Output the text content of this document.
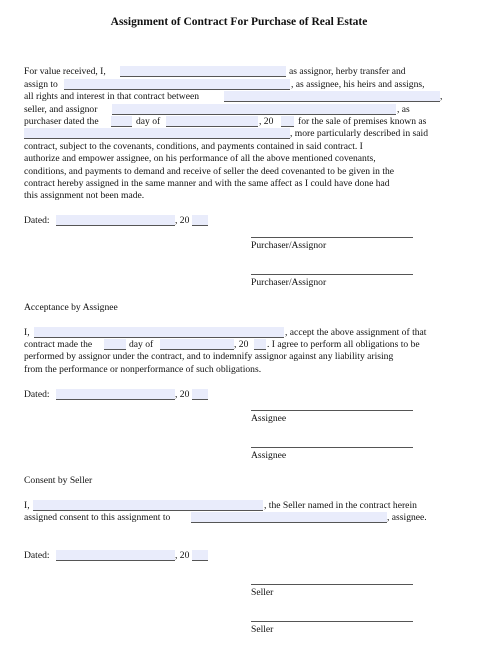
Assignment of Contract For Purchase of Real Estate
For value received, I,	as assignor, herby transfer and
assign to	, as assignee, his heirs and assigns,
all rights and interest in that contract between	,
seller, and assignor	, as
purchaser dated the	day of	, 20	for the sale of premises known as
, more particularly described in said
contract, subject to the covenants, conditions, and payments contained in said contract. I
authorize and empower assignee, on his performance of all the above mentioned covenants,
conditions, and payments to demand and receive of seller the deed covenanted to be given in the
contract hereby assigned in the same manner and with the same affect as I could have done had
this assignment not been made.
Dated:	, 20
Purchaser/Assignor
Purchaser/Assignor
Acceptance by Assignee
I,	, accept the above assignment of that
contract made the	day of	, 20 . I agree to perform all obligations to be
performed by assignor under the contract, and to indemnify assignor against any liability arising
from the performance or nonperformance of such obligations.
Dated:	, 20
Assignee
Assignee
Consent by Seller
I,	, the Seller named in the contract herein
assigned consent to this assignment to	, assignee.
Dated:	, 20
Seller
Seller
